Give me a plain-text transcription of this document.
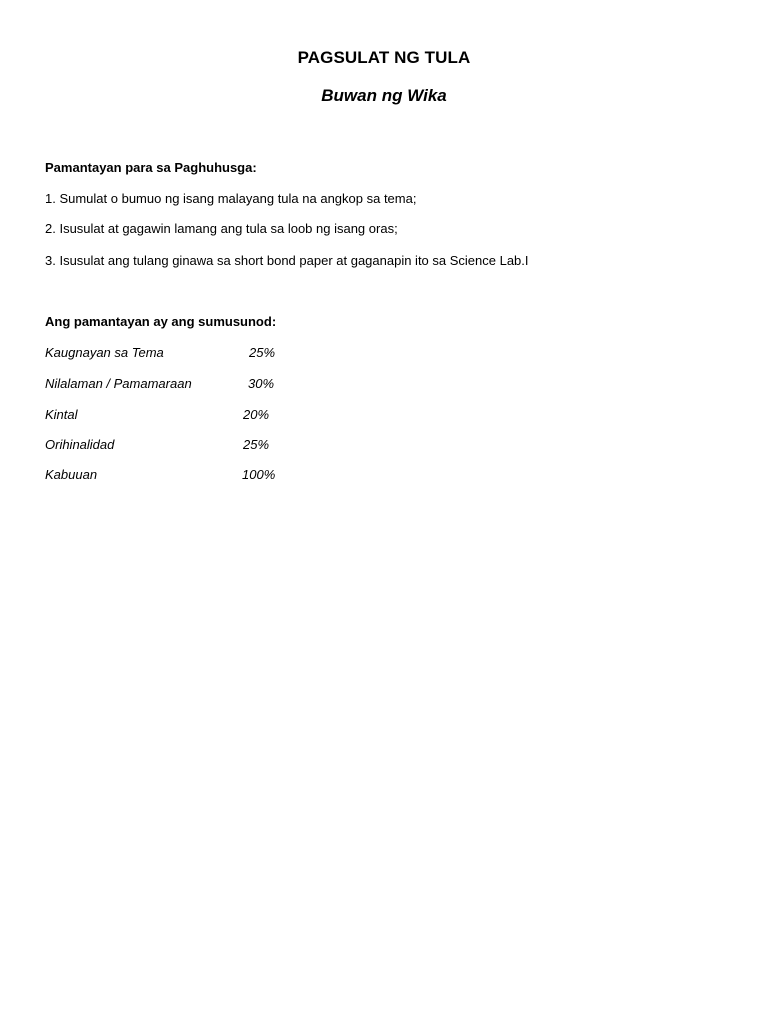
PAGSULAT NG TULA
Buwan ng Wika
Pamantayan para sa Paghuhusga:
1. Sumulat o bumuo ng isang malayang tula na angkop sa tema;
2. Isusulat at gagawin lamang ang tula sa loob ng isang oras;
3. Isusulat ang tulang ginawa sa short bond paper at gaganapin ito sa Science Lab.I
Ang pamantayan ay ang sumusunod:
Kaugnayan sa Tema	25%
Nilalaman / Pamamaraan	30%
Kintal	20%
Orihinalidad	25%
Kabuuan	100%
